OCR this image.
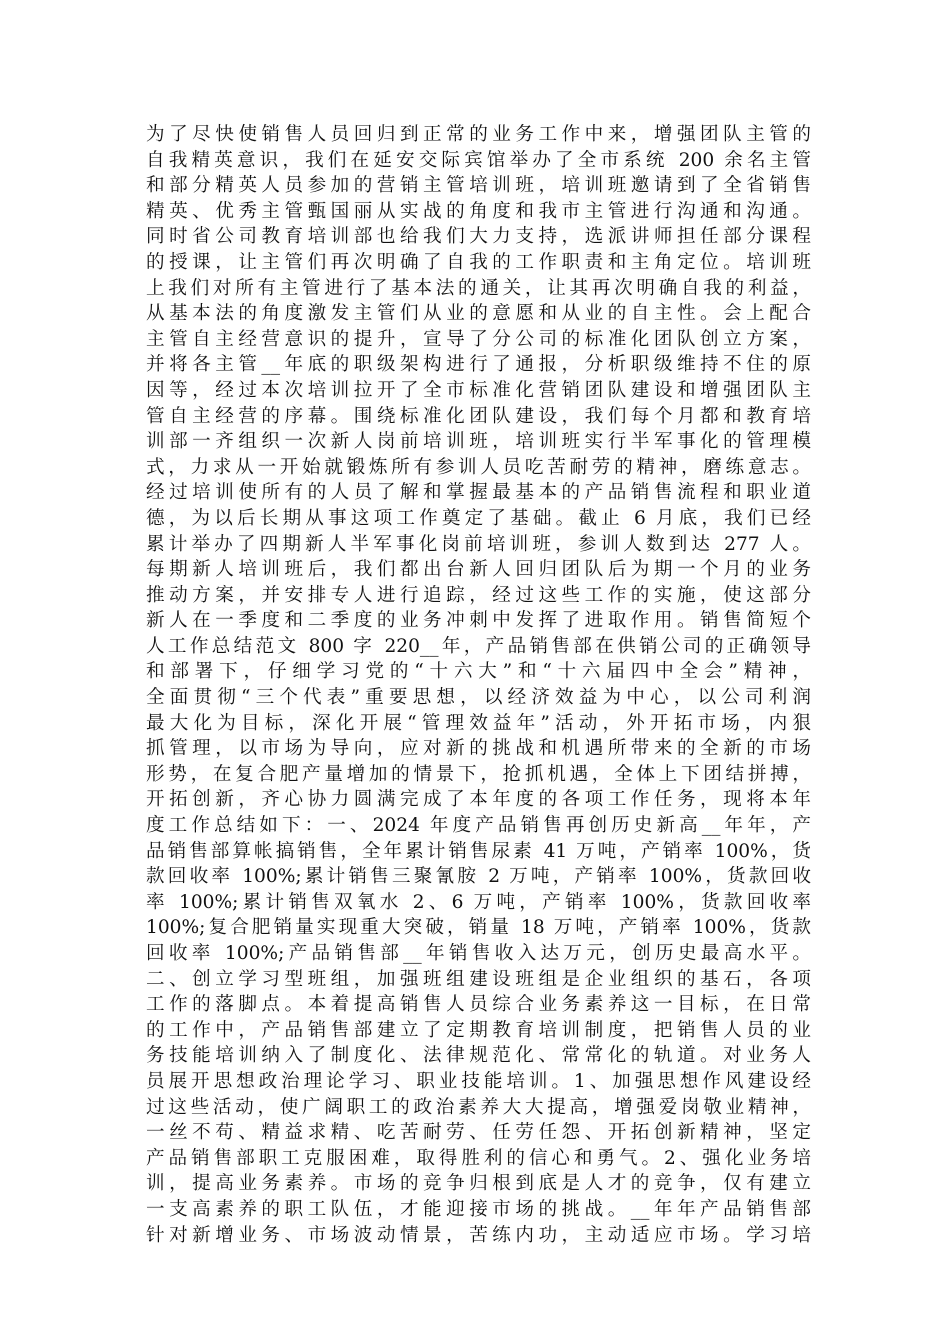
为了尽快使销售人员回归到正常的业务工作中来，增强团队主管的
自我精英意识，我们在延安交际宾馆举办了全市系统 200 余名主管
和部分精英人员参加的营销主管培训班，培训班邀请到了全省销售
精英、优秀主管甄国丽从实战的角度和我市主管进行沟通和沟通。
同时省公司教育培训部也给我们大力支持，选派讲师担任部分课程
的授课，让主管们再次明确了自我的工作职责和主角定位。培训班
上我们对所有主管进行了基本法的通关，让其再次明确自我的利益，
从基本法的角度激发主管们从业的意愿和从业的自主性。会上配合
主管自主经营意识的提升，宣导了分公司的标准化团队创立方案，
并将各主管__年底的职级架构进行了通报，分析职级维持不住的原
因等，经过本次培训拉开了全市标准化营销团队建设和增强团队主
管自主经营的序幕。围绕标准化团队建设，我们每个月都和教育培
训部一齐组织一次新人岗前培训班，培训班实行半军事化的管理模
式，力求从一开始就锻炼所有参训人员吃苦耐劳的精神，磨练意志。
经过培训使所有的人员了解和掌握最基本的产品销售流程和职业道
德，为以后长期从事这项工作奠定了基础。截止 6 月底，我们已经
累计举办了四期新人半军事化岗前培训班，参训人数到达 277 人。
每期新人培训班后，我们都出台新人回归团队后为期一个月的业务
推动方案，并安排专人进行追踪，经过这些工作的实施，使这部分
新人在一季度和二季度的业务冲刺中发挥了进取作用。销售简短个
人工作总结范文 800 字 220__年，产品销售部在供销公司的正确领导
和部署下，仔细学习党的“十六大”和“十六届四中全会”精神，
全面贯彻“三个代表”重要思想，以经济效益为中心，以公司利润
最大化为目标，深化开展“管理效益年”活动，外开拓市场，内狠
抓管理，以市场为导向，应对新的挑战和机遇所带来的全新的市场
形势，在复合肥产量增加的情景下，抢抓机遇，全体上下团结拼搏，
开拓创新，齐心协力圆满完成了本年度的各项工作任务，现将本年
度工作总结如下：一、2024 年度产品销售再创历史新高__年年，产
品销售部算帐搞销售，全年累计销售尿素 41 万吨，产销率 100%，货
款回收率 100%;累计销售三聚氰胺 2 万吨，产销率 100%，货款回收
率 100%;累计销售双氧水 2、6 万吨，产销率 100%，货款回收率
100%;复合肥销量实现重大突破，销量 18 万吨，产销率 100%，货款
回收率 100%;产品销售部__年销售收入达万元，创历史最高水平。
二、创立学习型班组，加强班组建设班组是企业组织的基石，各项
工作的落脚点。本着提高销售人员综合业务素养这一目标，在日常
的工作中，产品销售部建立了定期教育培训制度，把销售人员的业
务技能培训纳入了制度化、法律规范化、常常化的轨道。对业务人
员展开思想政治理论学习、职业技能培训。1、加强思想作风建设经
过这些活动，使广阔职工的政治素养大大提高，增强爱岗敬业精神，
一丝不苟、精益求精、吃苦耐劳、任劳任怨、开拓创新精神，坚定
产品销售部职工克服困难，取得胜利的信心和勇气。2、强化业务培
训，提高业务素养。市场的竞争归根到底是人才的竞争，仅有建立
一支高素养的职工队伍，才能迎接市场的挑战。__年年产品销售部
针对新增业务、市场波动情景，苦练内功，主动适应市场。学习培
